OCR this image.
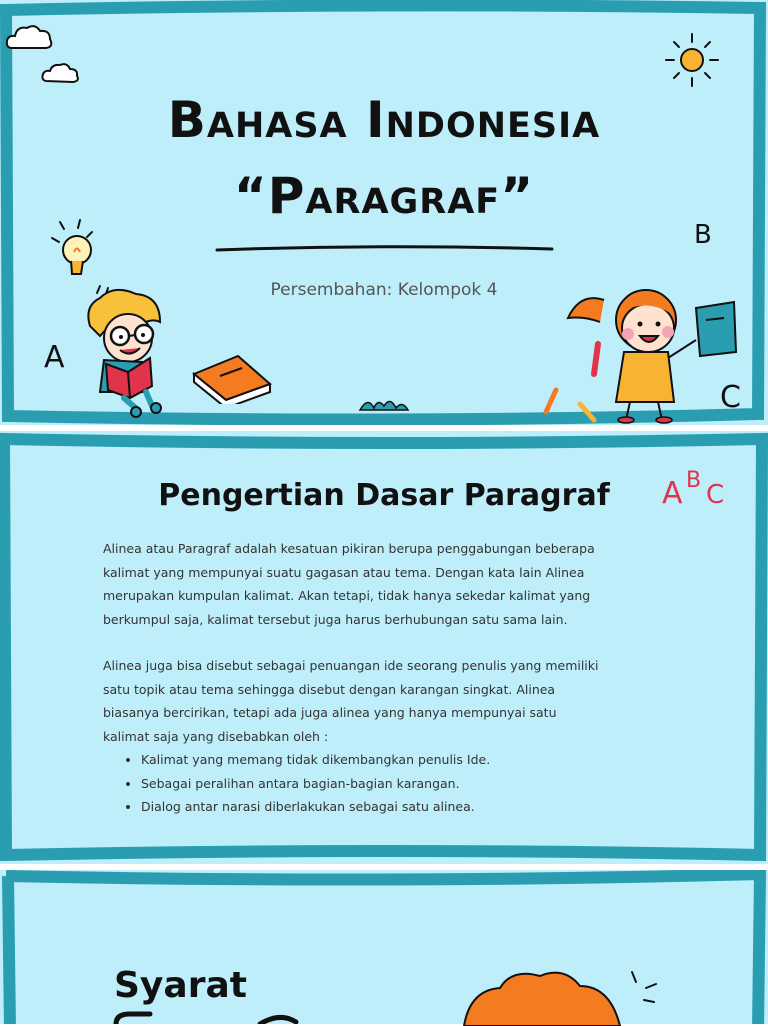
Bahasa Indonesia
“Paragraf”
Persembahan: Kelompok 4
A
B
C
Pengertian Dasar Paragraf	A B C

Alinea atau Paragraf adalah kesatuan pikiran berupa penggabungan beberapa kalimat yang mempunyai suatu gagasan atau tema. Dengan kata lain Alinea merupakan kumpulan kalimat. Akan tetapi, tidak hanya sekedar kalimat yang berkumpul saja, kalimat tersebut juga harus berhubungan satu sama lain.

Alinea juga bisa disebut sebagai penuangan ide seorang penulis yang memiliki satu topik atau tema sehingga disebut dengan karangan singkat. Alinea biasanya bercirikan, tetapi ada juga alinea yang hanya mempunyai satu kalimat saja yang disebabkan oleh :

• Kalimat yang memang tidak dikembangkan penulis Ide.
• Sebagai peralihan antara bagian-bagian karangan.
• Dialog antar narasi diberlakukan sebagai satu alinea.
Syarat
